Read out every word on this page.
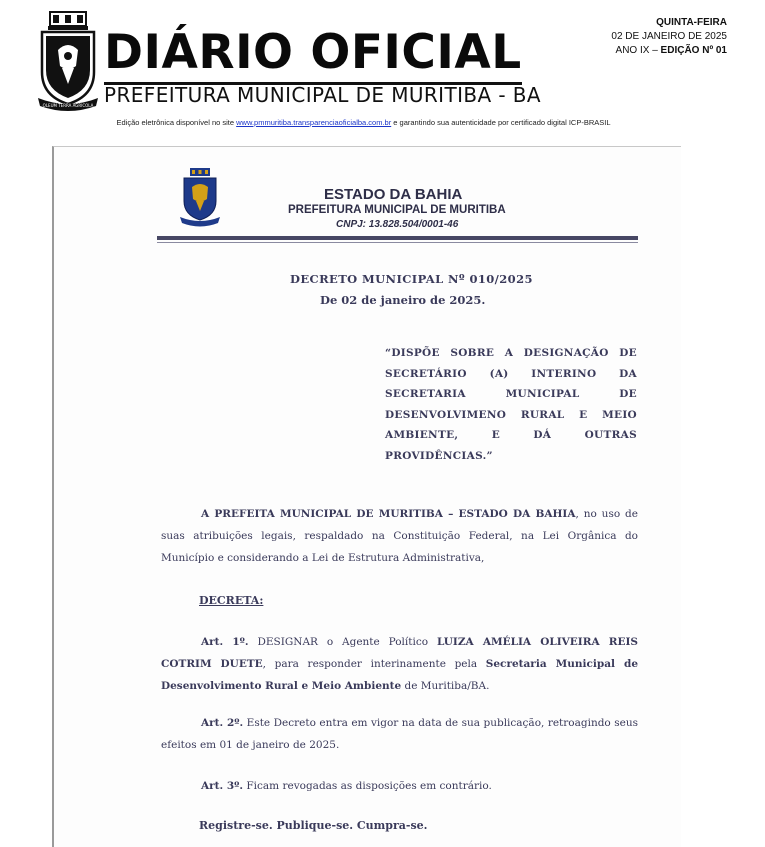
OLEUM TERRA AGRICOLA
DIÁRIO OFICIAL
PREFEITURA MUNICIPAL DE MURITIBA - BA
QUINTA-FEIRA
02 DE JANEIRO DE 2025
ANO IX – EDIÇÃO Nº 01
Edição eletrônica disponível no site www.pmmuritiba.transparenciaoficialba.com.br e garantindo sua autenticidade por certificado digital ICP-BRASIL
ESTADO DA BAHIA
PREFEITURA MUNICIPAL DE MURITIBA
CNPJ: 13.828.504/0001-46
DECRETO MUNICIPAL Nº 010/2025
De 02 de janeiro de 2025.
“DISPÕE SOBRE A DESIGNAÇÃO DE
SECRETÁRIO (A) INTERINO DA
SECRETARIA	MUNICIPAL	DE
DESENVOLVIMENO RURAL E MEIO
AMBIENTE,	E	DÁ	OUTRAS
PROVIDÊNCIAS.”
A PREFEITA MUNICIPAL DE MURITIBA – ESTADO DA BAHIA, no uso de suas atribuições legais, respaldado na Constituição Federal, na Lei Orgânica do Município e considerando a Lei de Estrutura Administrativa,
DECRETA:
Art. 1º. DESIGNAR o Agente Político LUIZA AMÉLIA OLIVEIRA REIS COTRIM DUETE, para responder interinamente pela Secretaria Municipal de Desenvolvimento Rural e Meio Ambiente de Muritiba/BA.
Art. 2º. Este Decreto entra em vigor na data de sua publicação, retroagindo seus efeitos em 01 de janeiro de 2025.
Art. 3º. Ficam revogadas as disposições em contrário.
Registre-se. Publique-se. Cumpra-se.
